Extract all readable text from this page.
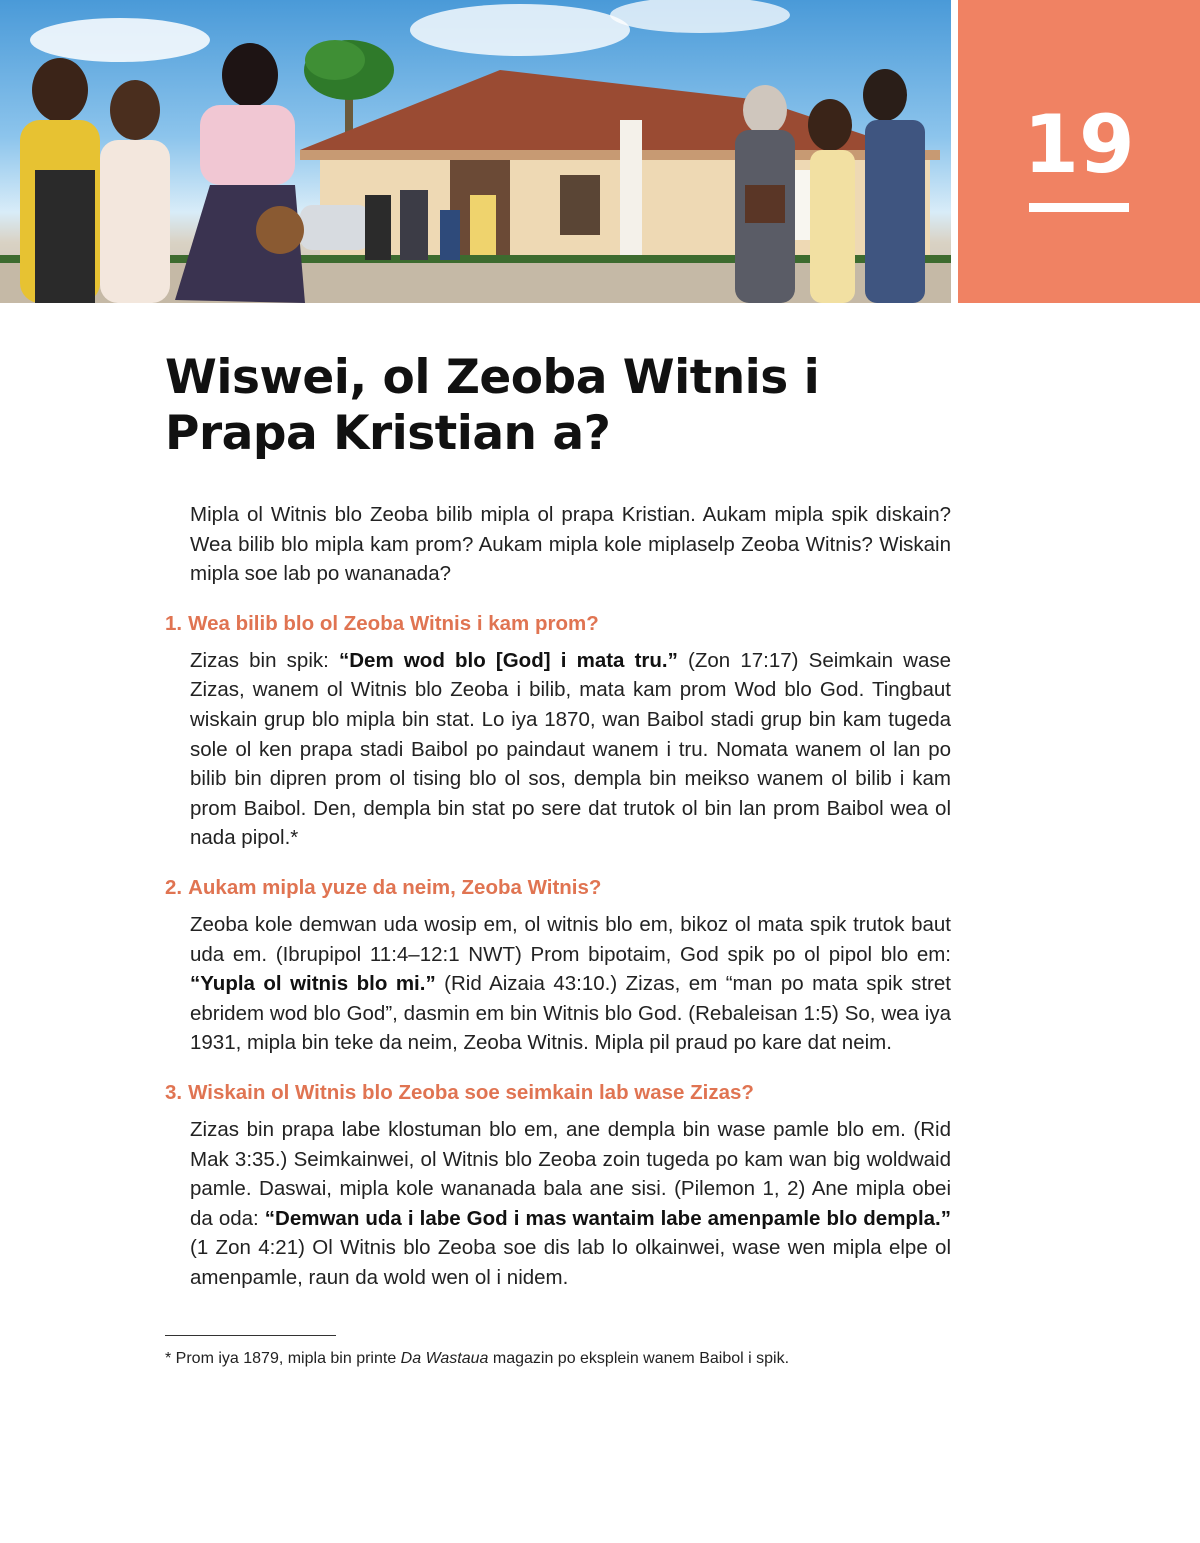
19
Wiswei, ol Zeoba Witnis i Prapa Kristian a?

Mipla ol Witnis blo Zeoba bilib mipla ol prapa Kristian. Aukam mipla spik diskain? Wea bilib blo mipla kam prom? Aukam mipla kole miplaselp Zeoba Witnis? Wiskain mipla soe lab po wananada?

1. Wea bilib blo ol Zeoba Witnis i kam prom?

Zizas bin spik: “Dem wod blo [God] i mata tru.” (Zon 17:17) Seimkain wase Zizas, wanem ol Witnis blo Zeoba i bilib, mata kam prom Wod blo God. Tingbaut wiskain grup blo mipla bin stat. Lo iya 1870, wan Baibol stadi grup bin kam tugeda sole ol ken prapa stadi Baibol po paindaut wanem i tru. Nomata wanem ol lan po bilib bin dipren prom ol tising blo ol sos, dempla bin meikso wanem ol bilib i kam prom Baibol. Den, dempla bin stat po sere dat trutok ol bin lan prom Baibol wea ol nada pipol.*

2. Aukam mipla yuze da neim, Zeoba Witnis?

Zeoba kole demwan uda wosip em, ol witnis blo em, bikoz ol mata spik trutok baut uda em. (Ibrupipol 11:4–12:1 NWT) Prom bipotaim, God spik po ol pipol blo em: “Yupla ol witnis blo mi.” (Rid Aizaia 43:10.) Zizas, em “man po mata spik stret ebridem wod blo God”, dasmin em bin Witnis blo God. (Rebaleisan 1:5) So, wea iya 1931, mipla bin teke da neim, Zeoba Witnis. Mipla pil praud po kare dat neim.

3. Wiskain ol Witnis blo Zeoba soe seimkain lab wase Zizas?

Zizas bin prapa labe klostuman blo em, ane dempla bin wase pamle blo em. (Rid Mak 3:35.) Seimkainwei, ol Witnis blo Zeoba zoin tugeda po kam wan big woldwaid pamle. Daswai, mipla kole wananada bala ane sisi. (Pilemon 1, 2) Ane mipla obei da oda: “Demwan uda i labe God i mas wantaim labe amenpamle blo dempla.” (1 Zon 4:21) Ol Witnis blo Zeoba soe dis lab lo olkainwei, wase wen mipla elpe ol amenpamle, raun da wold wen ol i nidem.

* Prom iya 1879, mipla bin printe Da Wastaua magazin po eksplein wanem Baibol i spik.
